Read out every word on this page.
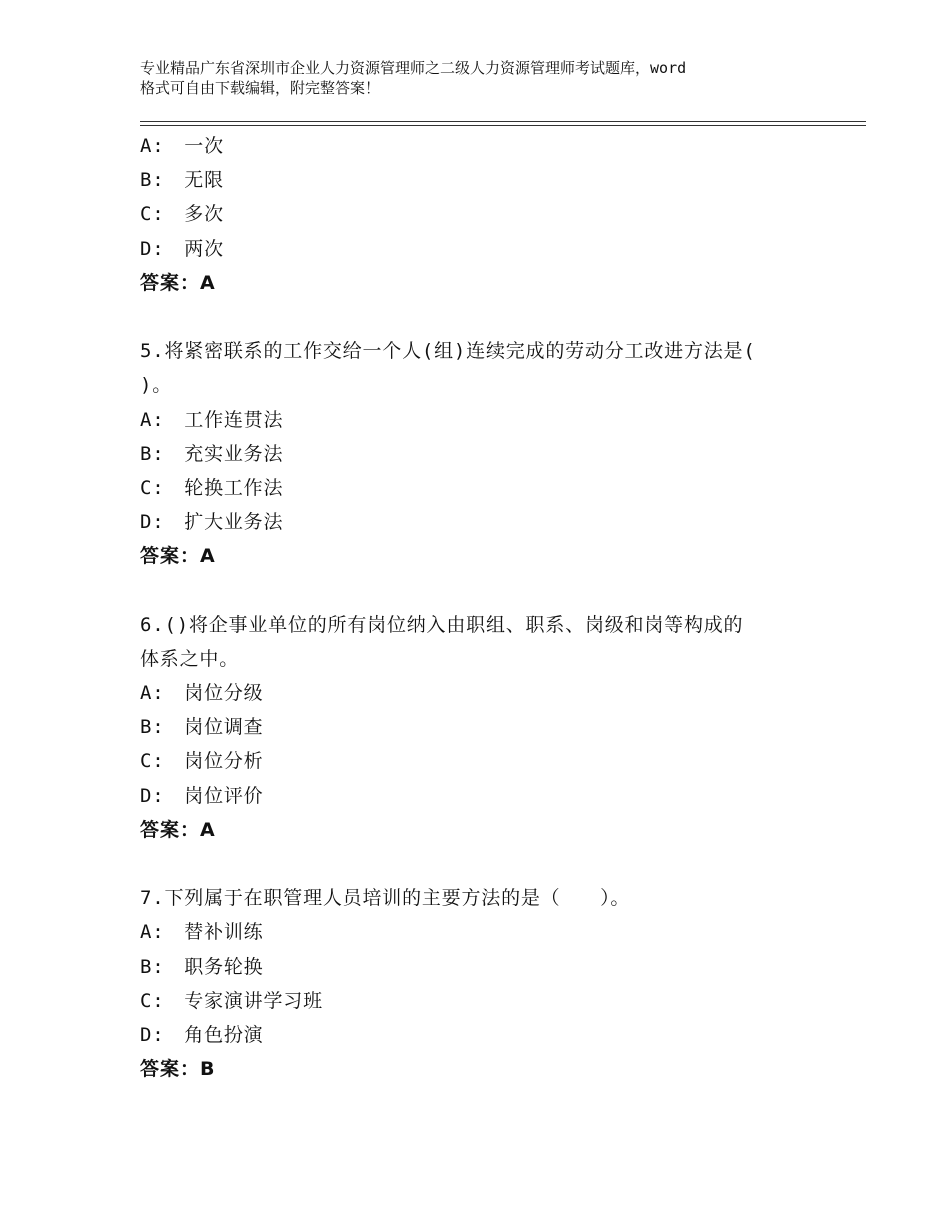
专业精品广东省深圳市企业人力资源管理师之二级人力资源管理师考试题库，word
格式可自由下载编辑，附完整答案！
A:　一次
B:　无限
C:　多次
D:　两次
答案：A
5.将紧密联系的工作交给一个人(组)连续完成的劳动分工改进方法是(
)。
A:　工作连贯法
B:　充实业务法
C:　轮换工作法
D:　扩大业务法
答案：A
6.()将企事业单位的所有岗位纳入由职组、职系、岗级和岗等构成的
体系之中。
A:　岗位分级
B:　岗位调查
C:　岗位分析
D:　岗位评价
答案：A
7.下列属于在职管理人员培训的主要方法的是（　　）。
A:　替补训练
B:　职务轮换
C:　专家演讲学习班
D:　角色扮演
答案：B
